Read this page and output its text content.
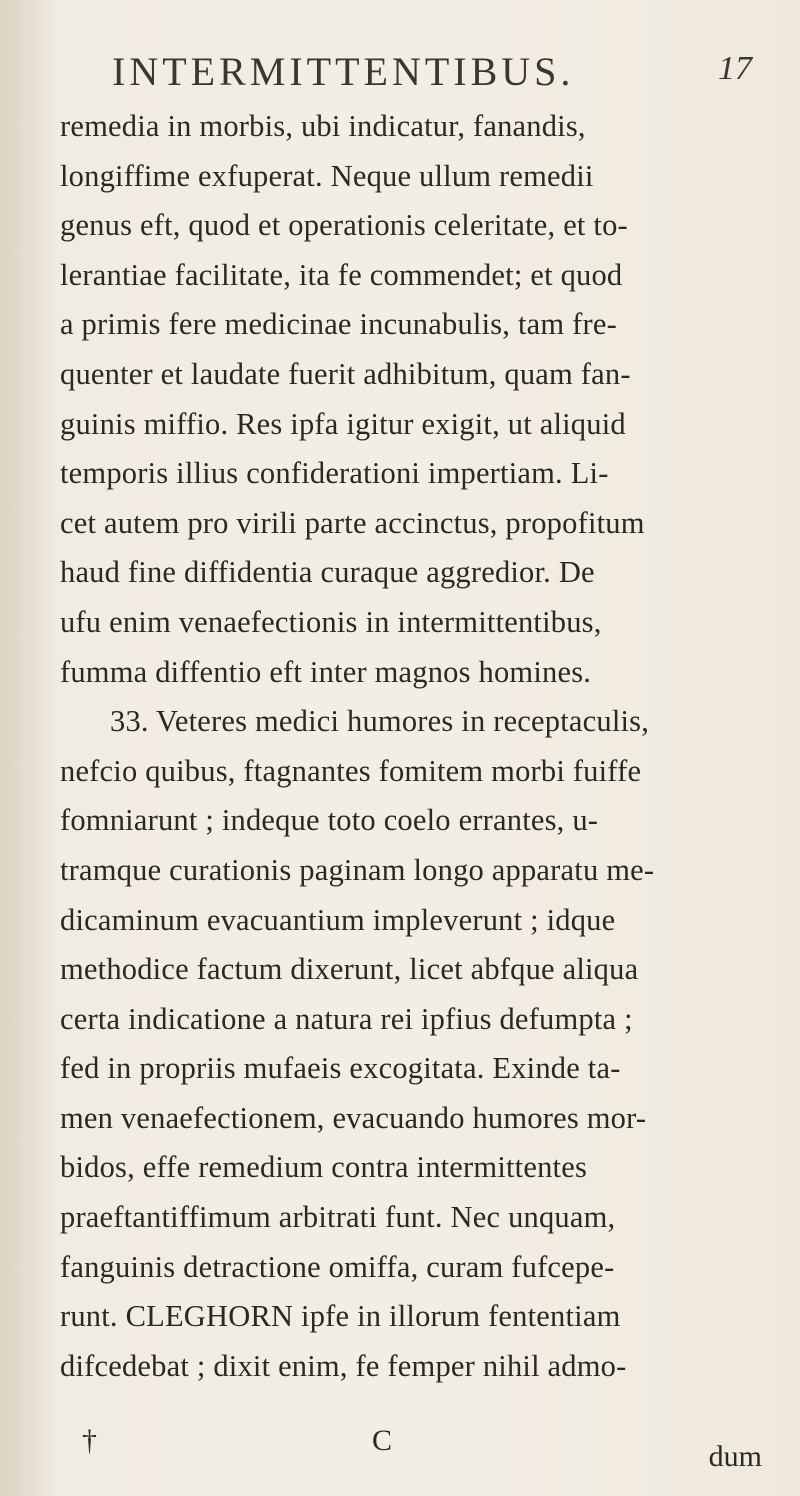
INTERMITTENTIBUS.	17
remedia in morbis, ubi indicatur, fanandis,
longiffime exfuperat. Neque ullum remedii
genus eft, quod et operationis celeritate, et to-
lerantiae facilitate, ita fe commendet; et quod
a primis fere medicinae incunabulis, tam fre-
quenter et laudate fuerit adhibitum, quam fan-
guinis miffio. Res ipfa igitur exigit, ut aliquid
temporis illius confiderationi impertiam. Li-
cet autem pro virili parte accinctus, propofitum
haud fine diffidentia curaque aggredior. De
ufu enim venaefectionis in intermittentibus,
fumma diffentio eft inter magnos homines.
33. Veteres medici humores in receptaculis,
nefcio quibus, ftagnantes fomitem morbi fuiffe
fomniarunt ; indeque toto coelo errantes, u-
tramque curationis paginam longo apparatu me-
dicaminum evacuantium impleverunt ; idque
methodice factum dixerunt, licet abfque aliqua
certa indicatione a natura rei ipfius defumpta ;
fed in propriis mufaeis excogitata. Exinde ta-
men venaefectionem, evacuando humores mor-
bidos, effe remedium contra intermittentes
praeftantiffimum arbitrati funt. Nec unquam,
fanguinis detractione omiffa, curam fufcepe-
runt. CLEGHORN ipfe in illorum fententiam
difcedebat ; dixit enim, fe femper nihil admo-
†	C	dum
